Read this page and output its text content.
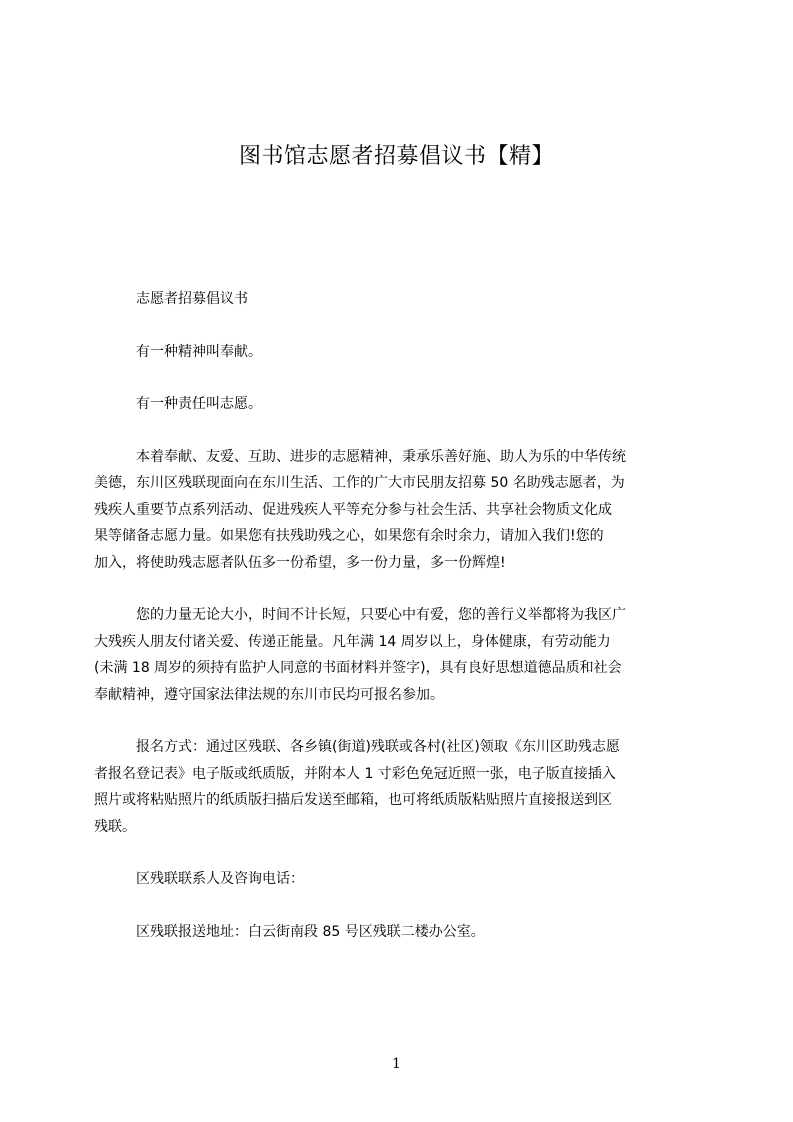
图书馆志愿者招募倡议书【精】
志愿者招募倡议书
有一种精神叫奉献。
有一种责任叫志愿。
本着奉献、友爱、互助、进步的志愿精神，秉承乐善好施、助人为乐的中华传统
美德，东川区残联现面向在东川生活、工作的广大市民朋友招募 50 名助残志愿者，为
残疾人重要节点系列活动、促进残疾人平等充分参与社会生活、共享社会物质文化成
果等储备志愿力量。如果您有扶残助残之心，如果您有余时余力，请加入我们!您的
加入，将使助残志愿者队伍多一份希望，多一份力量，多一份辉煌!
您的力量无论大小，时间不计长短，只要心中有爱，您的善行义举都将为我区广
大残疾人朋友付诸关爱、传递正能量。凡年满 14 周岁以上，身体健康，有劳动能力
(未满 18 周岁的须持有监护人同意的书面材料并签字)，具有良好思想道德品质和社会
奉献精神，遵守国家法律法规的东川市民均可报名参加。
报名方式：通过区残联、各乡镇(街道)残联或各村(社区)领取《东川区助残志愿
者报名登记表》电子版或纸质版，并附本人 1 寸彩色免冠近照一张，电子版直接插入
照片或将粘贴照片的纸质版扫描后发送至邮箱，也可将纸质版粘贴照片直接报送到区
残联。
区残联联系人及咨询电话：
区残联报送地址：白云街南段 85 号区残联二楼办公室。
1
